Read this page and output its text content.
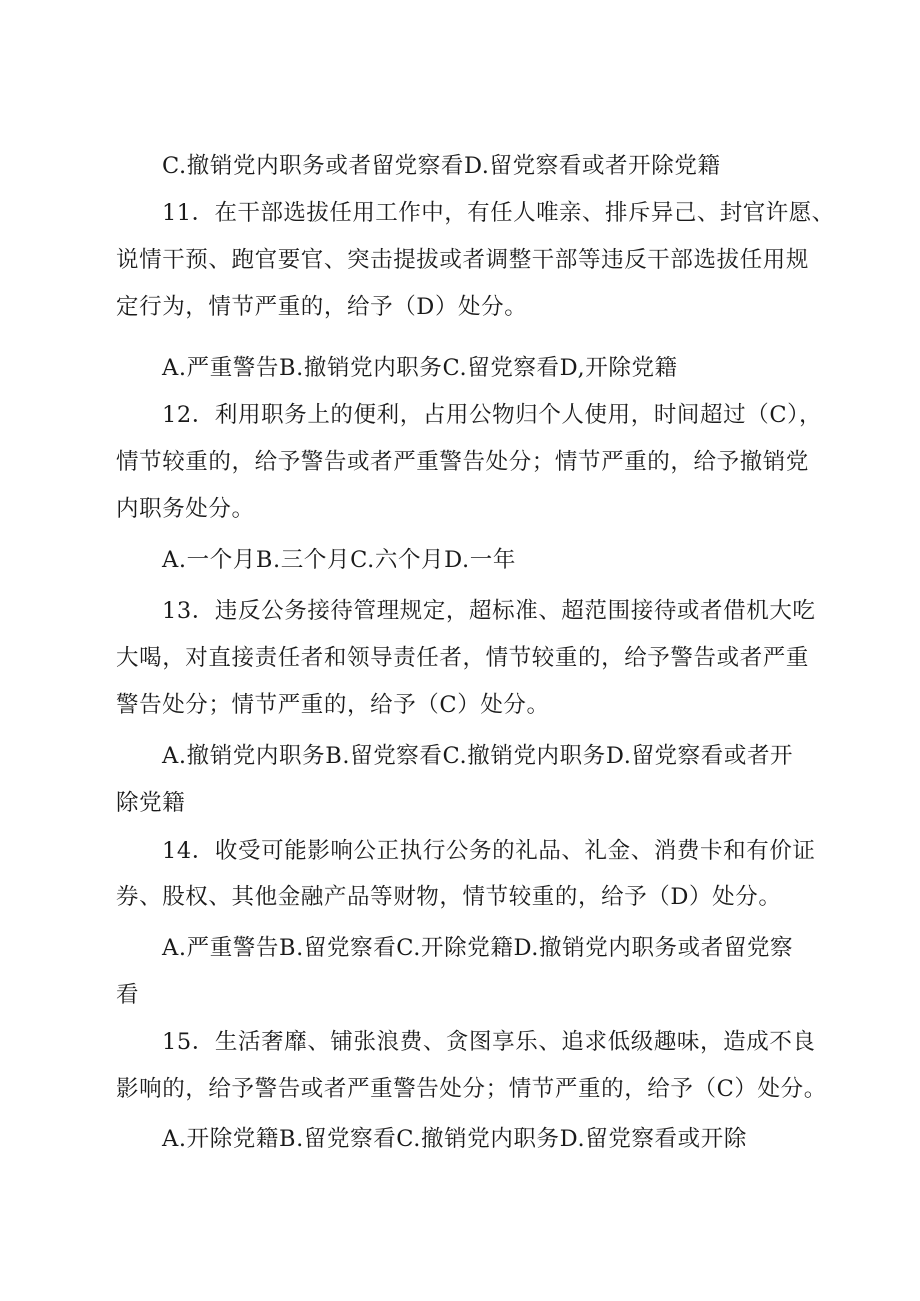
C.撤销党内职务或者留党察看D.留党察看或者开除党籍
11．在干部选拔任用工作中，有任人唯亲、排斥异己、封官许愿、
说情干预、跑官要官、突击提拔或者调整干部等违反干部选拔任用规
定行为，情节严重的，给予（D）处分。
A.严重警告B.撤销党内职务C.留党察看D,开除党籍
12．利用职务上的便利，占用公物归个人使用，时间超过（C），
情节较重的，给予警告或者严重警告处分；情节严重的，给予撤销党
内职务处分。
A.一个月B.三个月C.六个月D.一年
13．违反公务接待管理规定，超标准、超范围接待或者借机大吃
大喝，对直接责任者和领导责任者，情节较重的，给予警告或者严重
警告处分；情节严重的，给予（C）处分。
A.撤销党内职务B.留党察看C.撤销党内职务D.留党察看或者开
除党籍
14．收受可能影响公正执行公务的礼品、礼金、消费卡和有价证
券、股权、其他金融产品等财物，情节较重的，给予（D）处分。
A.严重警告B.留党察看C.开除党籍D.撤销党内职务或者留党察
看
15．生活奢靡、铺张浪费、贪图享乐、追求低级趣味，造成不良
影响的，给予警告或者严重警告处分；情节严重的，给予（C）处分。
A.开除党籍B.留党察看C.撤销党内职务D.留党察看或开除
